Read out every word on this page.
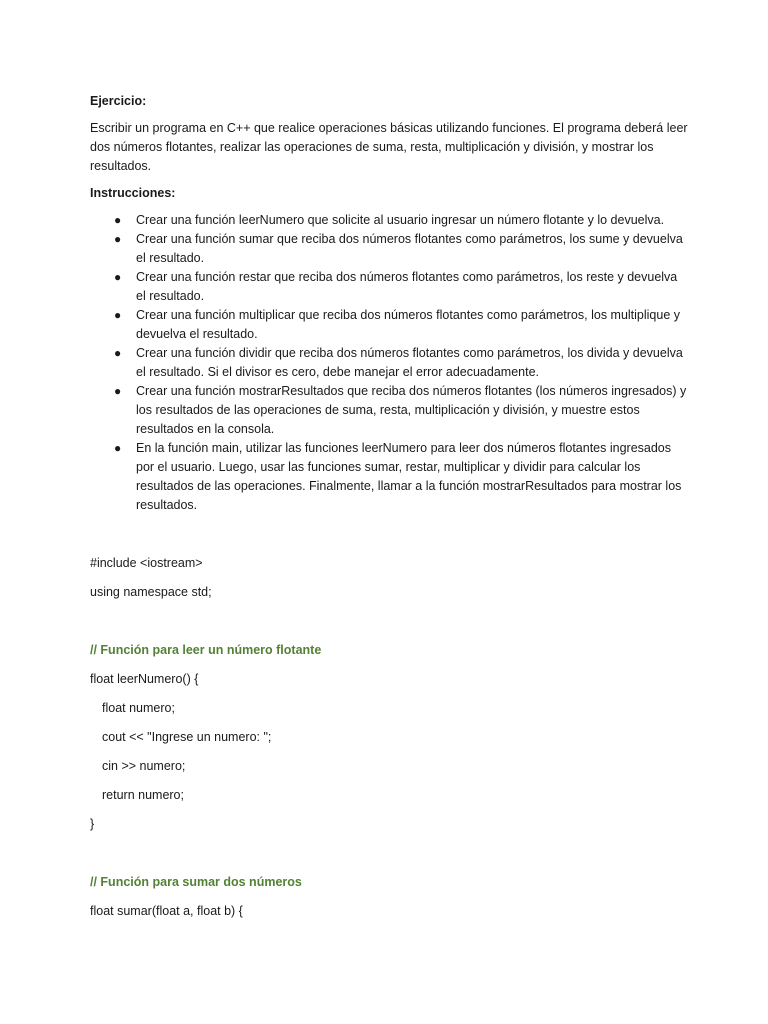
Ejercicio:

Escribir un programa en C++ que realice operaciones básicas utilizando funciones. El programa deberá leer dos números flotantes, realizar las operaciones de suma, resta, multiplicación y división, y mostrar los resultados.

Instrucciones:

● Crear una función leerNumero que solicite al usuario ingresar un número flotante y lo devuelva.
● Crear una función sumar que reciba dos números flotantes como parámetros, los sume y devuelva el resultado.
● Crear una función restar que reciba dos números flotantes como parámetros, los reste y devuelva el resultado.
● Crear una función multiplicar que reciba dos números flotantes como parámetros, los multiplique y devuelva el resultado.
● Crear una función dividir que reciba dos números flotantes como parámetros, los divida y devuelva el resultado. Si el divisor es cero, debe manejar el error adecuadamente.
● Crear una función mostrarResultados que reciba dos números flotantes (los números ingresados) y los resultados de las operaciones de suma, resta, multiplicación y división, y muestre estos resultados en la consola.
● En la función main, utilizar las funciones leerNumero para leer dos números flotantes ingresados por el usuario. Luego, usar las funciones sumar, restar, multiplicar y dividir para calcular los resultados de las operaciones. Finalmente, llamar a la función mostrarResultados para mostrar los resultados.

#include <iostream>

using namespace std;

// Función para leer un número flotante

float leerNumero() {

float numero;

cout << "Ingrese un numero: ";

cin >> numero;

return numero;

}

// Función para sumar dos números

float sumar(float a, float b) {
